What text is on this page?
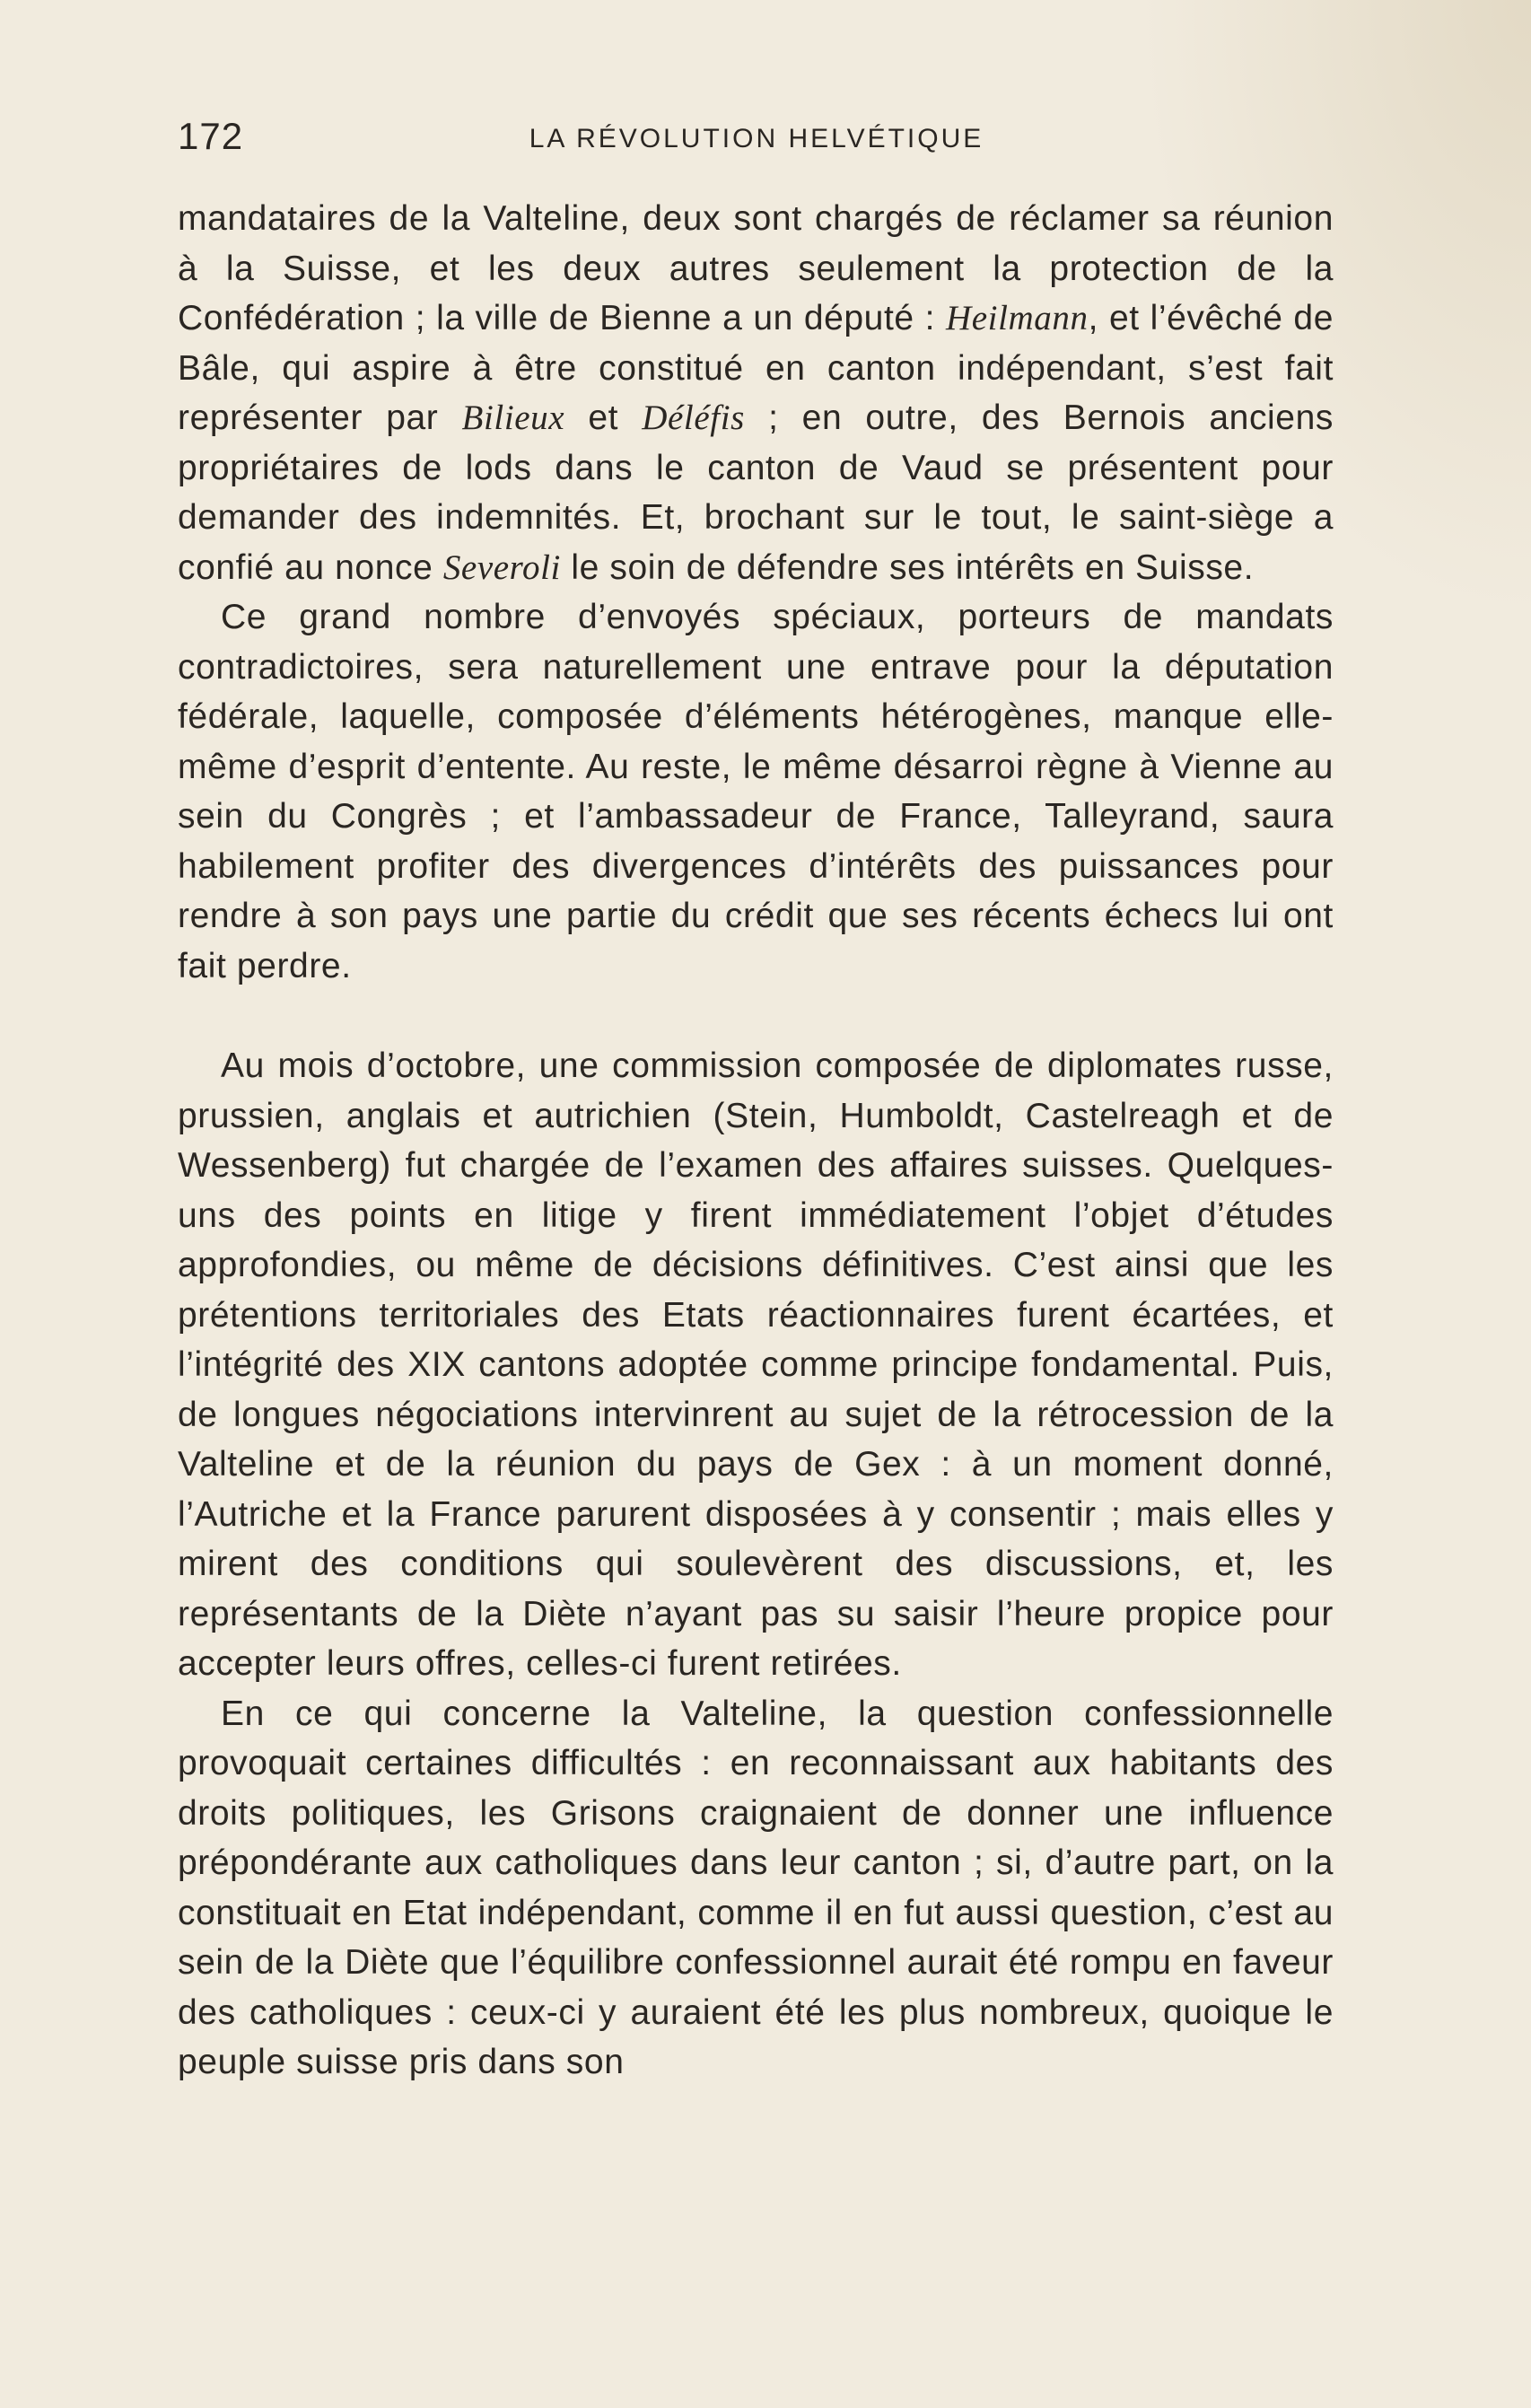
172	LA RÉVOLUTION HELVÉTIQUE

mandataires de la Valteline, deux sont chargés de réclamer sa réunion à la Suisse, et les deux autres seulement la protection de la Confédération ; la ville de Bienne a un député : Heilmann, et l’évêché de Bâle, qui aspire à être constitué en canton indépendant, s’est fait représenter par Bilieux et Déléfis ; en outre, des Bernois anciens propriétaires de lods dans le canton de Vaud se présentent pour demander des indemnités. Et, brochant sur le tout, le saint-siège a confié au nonce Severoli le soin de défendre ses intérêts en Suisse.

Ce grand nombre d’envoyés spéciaux, porteurs de mandats contradictoires, sera naturellement une entrave pour la députation fédérale, laquelle, composée d’éléments hétérogènes, manque elle-même d’esprit d’entente. Au reste, le même désarroi règne à Vienne au sein du Congrès ; et l’ambassadeur de France, Talleyrand, saura habilement profiter des divergences d’intérêts des puissances pour rendre à son pays une partie du crédit que ses récents échecs lui ont fait perdre.

Au mois d’octobre, une commission composée de diplomates russe, prussien, anglais et autrichien (Stein, Humboldt, Castelreagh et de Wessenberg) fut chargée de l’examen des affaires suisses. Quelques-uns des points en litige y firent immédiatement l’objet d’études approfondies, ou même de décisions définitives. C’est ainsi que les prétentions territoriales des Etats réactionnaires furent écartées, et l’intégrité des XIX cantons adoptée comme principe fondamental. Puis, de longues négociations intervinrent au sujet de la rétrocession de la Valteline et de la réunion du pays de Gex : à un moment donné, l’Autriche et la France parurent disposées à y consentir ; mais elles y mirent des conditions qui soulevèrent des discussions, et, les représentants de la Diète n’ayant pas su saisir l’heure propice pour accepter leurs offres, celles-ci furent retirées.

En ce qui concerne la Valteline, la question confessionnelle provoquait certaines difficultés : en reconnaissant aux habitants des droits politiques, les Grisons craignaient de donner une influence prépondérante aux catholiques dans leur canton ; si, d’autre part, on la constituait en Etat indépendant, comme il en fut aussi question, c’est au sein de la Diète que l’équilibre confessionnel aurait été rompu en faveur des catholiques : ceux-ci y auraient été les plus nombreux, quoique le peuple suisse pris dans son
